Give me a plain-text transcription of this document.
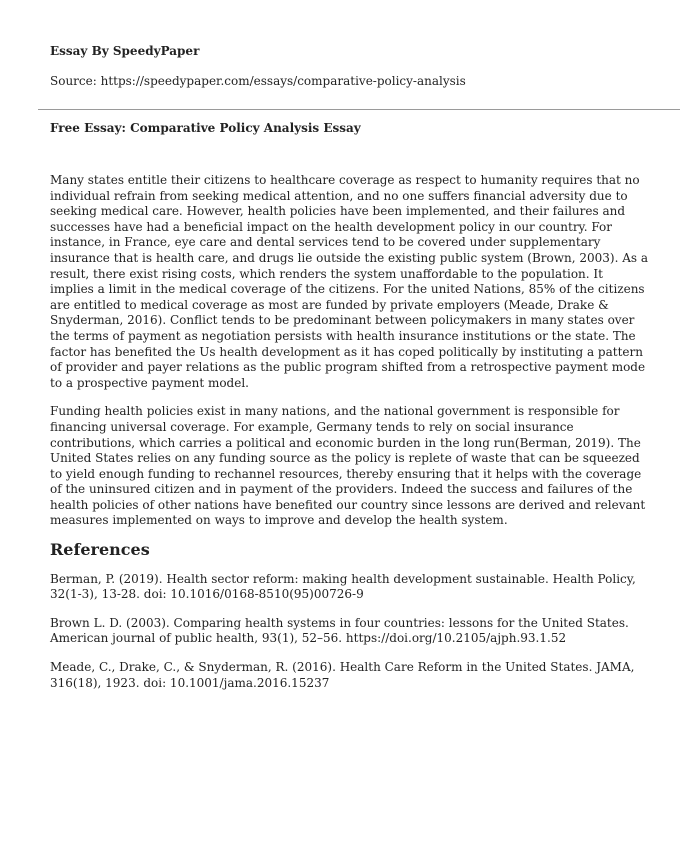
Essay By SpeedyPaper

Source: https://speedypaper.com/essays/comparative-policy-analysis

Free Essay: Comparative Policy Analysis Essay

Many states entitle their citizens to healthcare coverage as respect to humanity requires that no individual refrain from seeking medical attention, and no one suffers financial adversity due to seeking medical care. However, health policies have been implemented, and their failures and successes have had a beneficial impact on the health development policy in our country. For instance, in France, eye care and dental services tend to be covered under supplementary insurance that is health care, and drugs lie outside the existing public system (Brown, 2003). As a result, there exist rising costs, which renders the system unaffordable to the population. It implies a limit in the medical coverage of the citizens. For the united Nations, 85% of the citizens are entitled to medical coverage as most are funded by private employers (Meade, Drake & Snyderman, 2016). Conflict tends to be predominant between policymakers in many states over the terms of payment as negotiation persists with health insurance institutions or the state. The factor has benefited the Us health development as it has coped politically by instituting a pattern of provider and payer relations as the public program shifted from a retrospective payment mode to a prospective payment model.

Funding health policies exist in many nations, and the national government is responsible for financing universal coverage. For example, Germany tends to rely on social insurance contributions, which carries a political and economic burden in the long run(Berman, 2019). The United States relies on any funding source as the policy is replete of waste that can be squeezed to yield enough funding to rechannel resources, thereby ensuring that it helps with the coverage of the uninsured citizen and in payment of the providers. Indeed the success and failures of the health policies of other nations have benefited our country since lessons are derived and relevant measures implemented on ways to improve and develop the health system.

References

Berman, P. (2019). Health sector reform: making health development sustainable. Health Policy, 32(1-3), 13-28. doi: 10.1016/0168-8510(95)00726-9

Brown L. D. (2003). Comparing health systems in four countries: lessons for the United States. American journal of public health, 93(1), 52–56. https://doi.org/10.2105/ajph.93.1.52

Meade, C., Drake, C., & Snyderman, R. (2016). Health Care Reform in the United States. JAMA, 316(18), 1923. doi: 10.1001/jama.2016.15237
